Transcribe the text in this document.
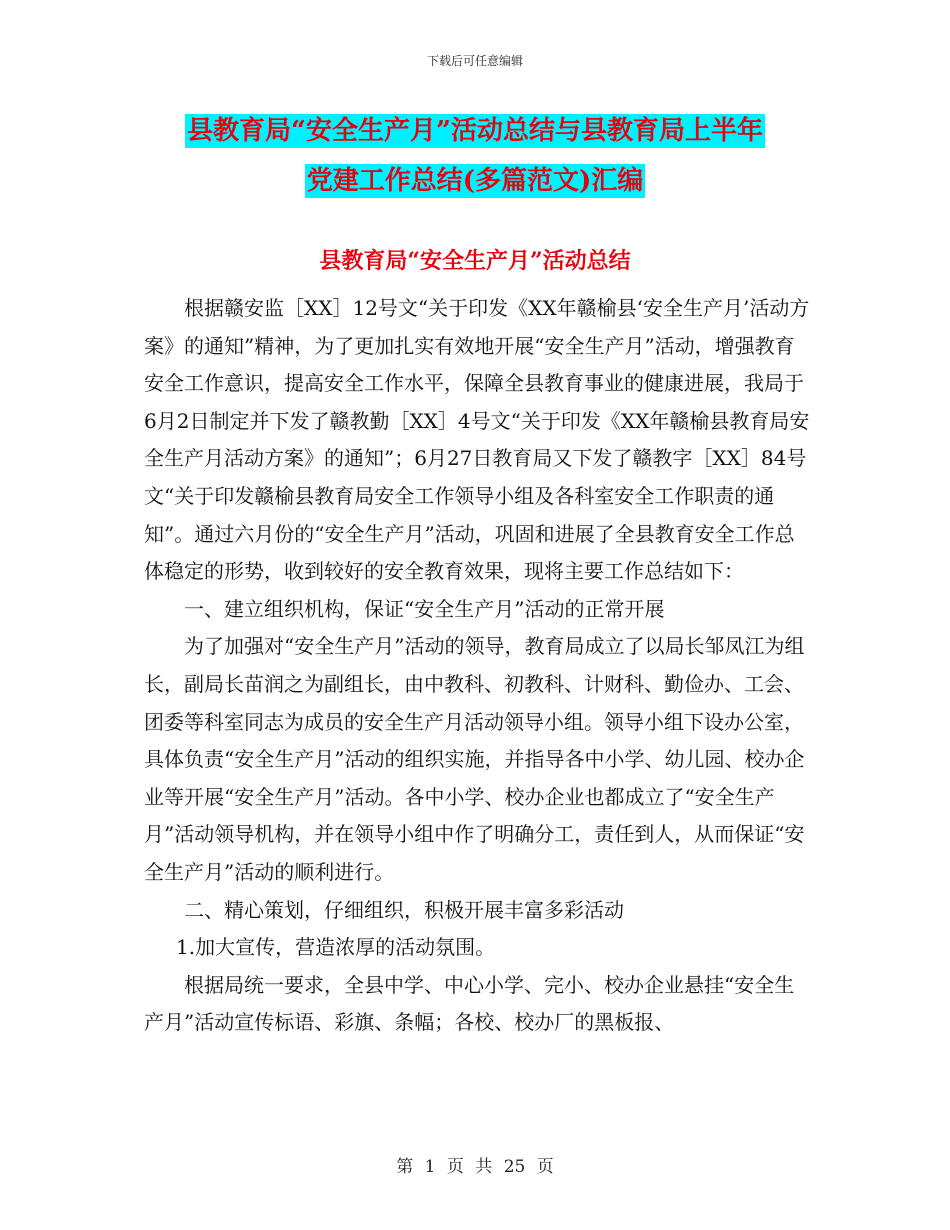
下载后可任意编辑
县教育局“安全生产月”活动总结与县教育局上半年
党建工作总结(多篇范文)汇编
县教育局“安全生产月”活动总结

根据赣安监［XX］12号文“关于印发《XX年赣榆县‘安全生产月’活动方案》的通知”精神，为了更加扎实有效地开展“安全生产月”活动，增强教育安全工作意识，提高安全工作水平，保障全县教育事业的健康进展，我局于6月2日制定并下发了赣教勤［XX］4号文“关于印发《XX年赣榆县教育局安全生产月活动方案》的通知”；6月27日教育局又下发了赣教字［XX］84号文“关于印发赣榆县教育局安全工作领导小组及各科室安全工作职责的通知”。通过六月份的“安全生产月”活动，巩固和进展了全县教育安全工作总体稳定的形势，收到较好的安全教育效果，现将主要工作总结如下：

一、建立组织机构，保证“安全生产月”活动的正常开展

为了加强对“安全生产月”活动的领导，教育局成立了以局长邹凤江为组长，副局长苗润之为副组长，由中教科、初教科、计财科、勤俭办、工会、团委等科室同志为成员的安全生产月活动领导小组。领导小组下设办公室，具体负责“安全生产月”活动的组织实施，并指导各中小学、幼儿园、校办企业等开展“安全生产月”活动。各中小学、校办企业也都成立了“安全生产月”活动领导机构，并在领导小组中作了明确分工，责任到人，从而保证“安全生产月”活动的顺利进行。

二、精心策划，仔细组织，积极开展丰富多彩活动

1.加大宣传，营造浓厚的活动氛围。

根据局统一要求，全县中学、中心小学、完小、校办企业悬挂“安全生产月”活动宣传标语、彩旗、条幅；各校、校办厂的黑板报、

第 1 页 共 25 页
